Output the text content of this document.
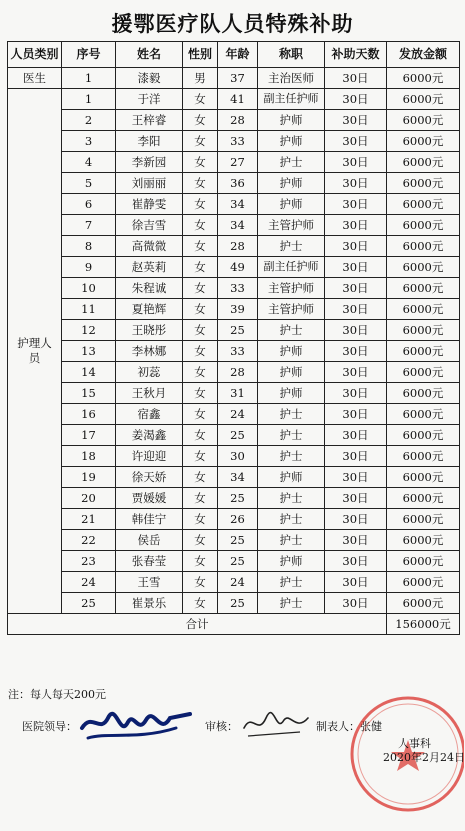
援鄂医疗队人员特殊补助
人员类别	序号	姓名	性别	年龄	称职	补助天数	发放金额
医生	1	漆毅	男	37	主治医师	30日	6000元
护理人员	1	于洋	女	41	副主任护师	30日	6000元
	2	王梓睿	女	28	护师	30日	6000元
	3	李阳	女	33	护师	30日	6000元
	4	李新园	女	27	护士	30日	6000元
	5	刘丽丽	女	36	护师	30日	6000元
	6	崔静雯	女	34	护师	30日	6000元
	7	徐吉雪	女	34	主管护师	30日	6000元
	8	高微微	女	28	护士	30日	6000元
	9	赵英莉	女	49	副主任护师	30日	6000元
	10	朱程诚	女	33	主管护师	30日	6000元
	11	夏艳辉	女	39	主管护师	30日	6000元
	12	王晓彤	女	25	护士	30日	6000元
	13	李林娜	女	33	护师	30日	6000元
	14	初蕊	女	28	护师	30日	6000元
	15	王秋月	女	31	护师	30日	6000元
	16	宿鑫	女	24	护士	30日	6000元
	17	姜渴鑫	女	25	护士	30日	6000元
	18	许迎迎	女	30	护士	30日	6000元
	19	徐天娇	女	34	护师	30日	6000元
	20	贾媛媛	女	25	护士	30日	6000元
	21	韩佳宁	女	26	护士	30日	6000元
	22	侯岳	女	25	护士	30日	6000元
	23	张春莹	女	25	护师	30日	6000元
	24	王雪	女	24	护士	30日	6000元
	25	崔景乐	女	25	护士	30日	6000元
合计							156000元
注：每人每天200元
医院领导：	审核：	制表人：张健
人事科
2020年2月24日
